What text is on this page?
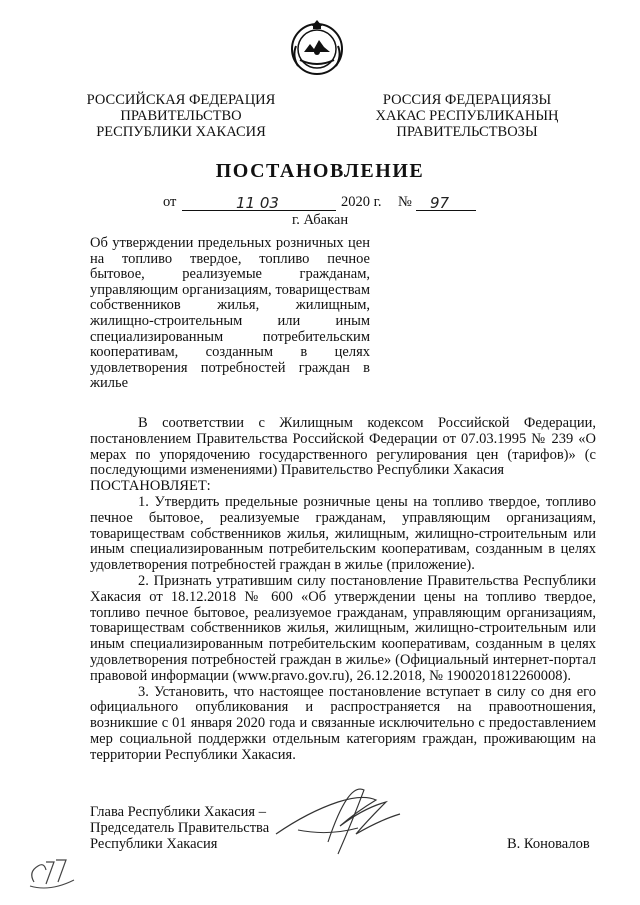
РОССИЙСКАЯ ФЕДЕРАЦИЯ
ПРАВИТЕЛЬСТВО
РЕСПУБЛИКИ ХАКАСИЯ
РОССИЯ ФЕДЕРАЦИЯЗЫ
ХАКАС РЕСПУБЛИКАНЫҢ
ПРАВИТЕЛЬСТВОЗЫ
ПОСТАНОВЛЕНИЕ
от	11 03	2020 г. № 97
г. Абакан
Об утверждении предельных розничных цен на топливо твердое, топливо печное бытовое, реализуемые гражданам, управляющим организациям, товариществам собственников жилья, жилищным, жилищно-строительным или иным специализированным потребительским кооперативам, созданным в целях удовлетворения потребностей граждан в жилье

В соответствии с Жилищным кодексом Российской Федерации, постановлением Правительства Российской Федерации от 07.03.1995 № 239 «О мерах по упорядочению государственного регулирования цен (тарифов)» (с последующими изменениями) Правительство Республики Хакасия

ПОСТАНОВЛЯЕТ:

1. Утвердить предельные розничные цены на топливо твердое, топливо печное бытовое, реализуемые гражданам, управляющим организациям, товариществам собственников жилья, жилищным, жилищно-строительным или иным специализированным потребительским кооперативам, созданным в целях удовлетворения потребностей граждан в жилье (приложение).

2. Признать утратившим силу постановление Правительства Республики Хакасия от 18.12.2018 № 600 «Об утверждении цены на топливо твердое, топливо печное бытовое, реализуемое гражданам, управляющим организациям, товариществам собственников жилья, жилищным, жилищно-строительным или иным специализированным потребительским кооперативам, созданным в целях удовлетворения потребностей граждан в жилье» (Официальный интернет-портал правовой информации (www.pravo.gov.ru), 26.12.2018, № 1900201812260008).

3. Установить, что настоящее постановление вступает в силу со дня его официального опубликования и распространяется на правоотношения, возникшие с 01 января 2020 года и связанные исключительно с предоставлением мер социальной поддержки отдельным категориям граждан, проживающим на территории Республики Хакасия.

Глава Республики Хакасия –
Председатель Правительства
Республики Хакасия	В. Коновалов
